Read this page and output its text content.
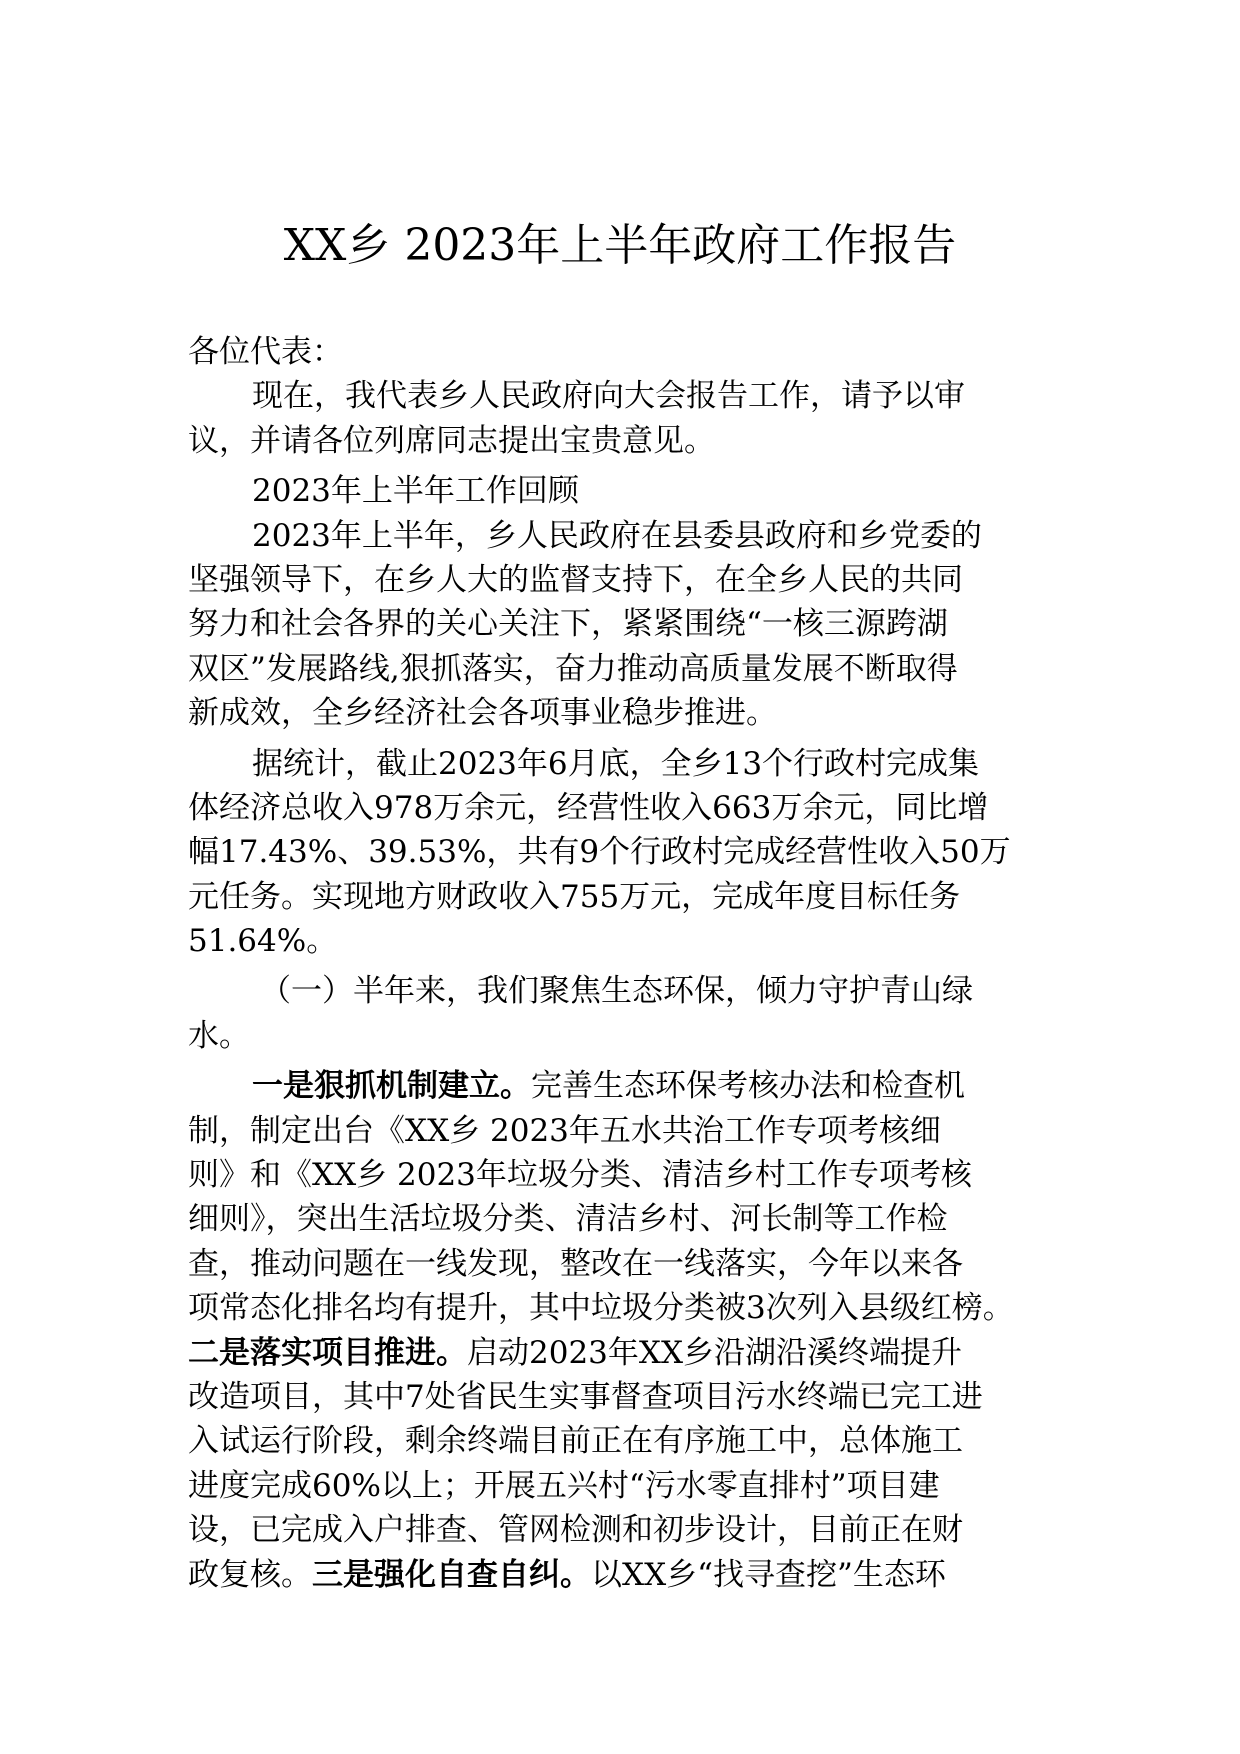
XX乡 2023年上半年政府工作报告
各位代表：
现在，我代表乡人民政府向大会报告工作，请予以审
议，并请各位列席同志提出宝贵意见。
2023年上半年工作回顾
2023年上半年，乡人民政府在县委县政府和乡党委的
坚强领导下，在乡人大的监督支持下，在全乡人民的共同
努力和社会各界的关心关注下，紧紧围绕“一核三源跨湖
双区”发展路线,狠抓落实，奋力推动高质量发展不断取得
新成效，全乡经济社会各项事业稳步推进。
据统计，截止2023年6月底，全乡13个行政村完成集
体经济总收入978万余元，经营性收入663万余元，同比增
幅17.43%、39.53%，共有9个行政村完成经营性收入50万
元任务。实现地方财政收入755万元，完成年度目标任务
51.64%。
（一）半年来，我们聚焦生态环保，倾力守护青山绿
水。
一是狠抓机制建立。完善生态环保考核办法和检查机
制，制定出台《XX乡 2023年五水共治工作专项考核细
则》和《XX乡 2023年垃圾分类、清洁乡村工作专项考核
细则》，突出生活垃圾分类、清洁乡村、河长制等工作检
查，推动问题在一线发现，整改在一线落实，今年以来各
项常态化排名均有提升，其中垃圾分类被3次列入县级红榜。
二是落实项目推进。启动2023年XX乡沿湖沿溪终端提升
改造项目，其中7处省民生实事督查项目污水终端已完工进
入试运行阶段，剩余终端目前正在有序施工中，总体施工
进度完成60%以上；开展五兴村“污水零直排村”项目建
设，已完成入户排查、管网检测和初步设计，目前正在财
政复核。三是强化自查自纠。以XX乡“找寻查挖”生态环
